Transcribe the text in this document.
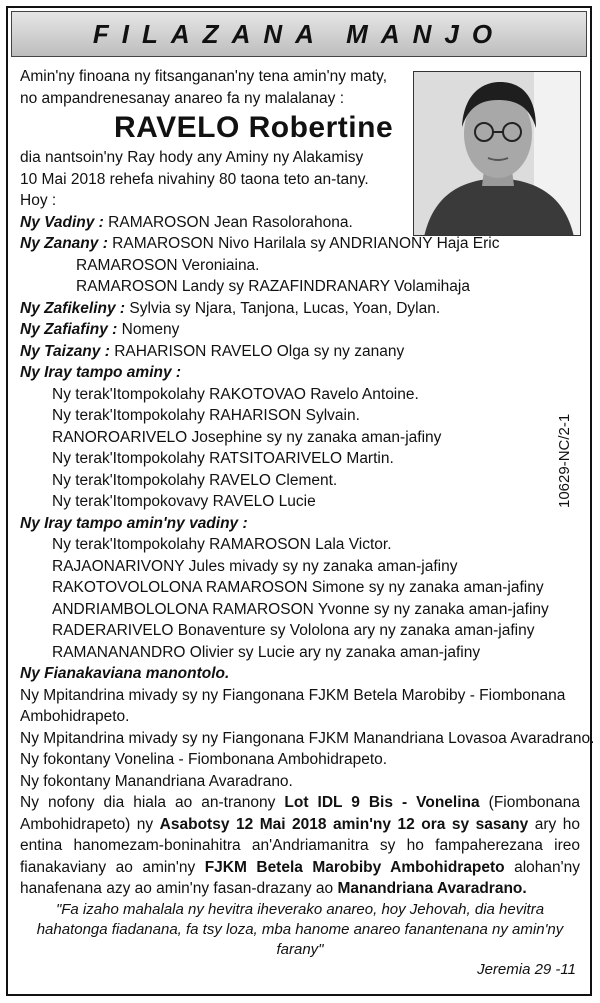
FILAZANA MANJO
10629-NC/2-1
Amin'ny finoana ny fitsanganan'ny tena amin'ny maty,
no ampandrenesanay anareo fa ny malalanay :
RAVELO Robertine
dia nantsoin'ny Ray hody any Aminy ny Alakamisy
10 Mai 2018 rehefa nivahiny 80 taona teto an-tany.
Hoy :
Ny Vadiny : RAMAROSON Jean Rasolorahona.
Ny Zanany : RAMAROSON Nivo Harilala sy ANDRIANONY Haja Eric
RAMAROSON Veroniaina.
RAMAROSON Landy sy RAZAFINDRANARY Volamihaja
Ny Zafikeliny : Sylvia sy Njara, Tanjona, Lucas, Yoan, Dylan.
Ny Zafiafiny : Nomeny
Ny Taizany : RAHARISON RAVELO Olga sy ny zanany
Ny Iray tampo aminy :
Ny terak'Itompokolahy RAKOTOVAO Ravelo Antoine.
Ny terak'Itompokolahy RAHARISON Sylvain.
RANOROARIVELO Josephine sy ny zanaka aman-jafiny
Ny terak'Itompokolahy RATSITOARIVELO Martin.
Ny terak'Itompokolahy RAVELO Clement.
Ny terak'Itompokovavy RAVELO Lucie
Ny Iray tampo amin'ny vadiny :
Ny terak'Itompokolahy RAMAROSON Lala Victor.
RAJAONARIVONY Jules mivady sy ny zanaka aman-jafiny
RAKOTOVOLOLONA RAMAROSON Simone sy ny zanaka aman-jafiny
ANDRIAMBOLOLONA RAMAROSON Yvonne sy ny zanaka aman-jafiny
RADERARIVELO Bonaventure sy Vololona ary ny zanaka aman-jafiny
RAMANANANDRO Olivier sy Lucie ary ny zanaka aman-jafiny
Ny Fianakaviana manontolo.
Ny Mpitandrina mivady sy ny Fiangonana FJKM Betela Marobiby - Fiombonana
Ambohidrapeto.
Ny Mpitandrina mivady sy ny Fiangonana FJKM Manandriana Lovasoa Avaradrano.
Ny fokontany Vonelina - Fiombonana Ambohidrapeto.
Ny fokontany Manandriana Avaradrano.
Ny nofony dia hiala ao an-tranony Lot IDL 9 Bis - Vonelina (Fiombonana Ambohidrapeto) ny Asabotsy 12 Mai 2018 amin'ny 12 ora sy sasany ary ho entina hanomezam-boninahitra an'Andriamanitra sy ho fampaherezana ireo fianakaviany ao amin'ny FJKM Betela Marobiby Ambohidrapeto alohan'ny hanafenana azy ao amin'ny fasan-drazany ao Manandriana Avaradrano.
"Fa izaho mahalala ny hevitra iheverako anareo, hoy Jehovah, dia hevitra hahatonga fiadanana, fa tsy loza, mba hanome anareo fanantenana ny amin'ny farany"
Jeremia 29 -11
